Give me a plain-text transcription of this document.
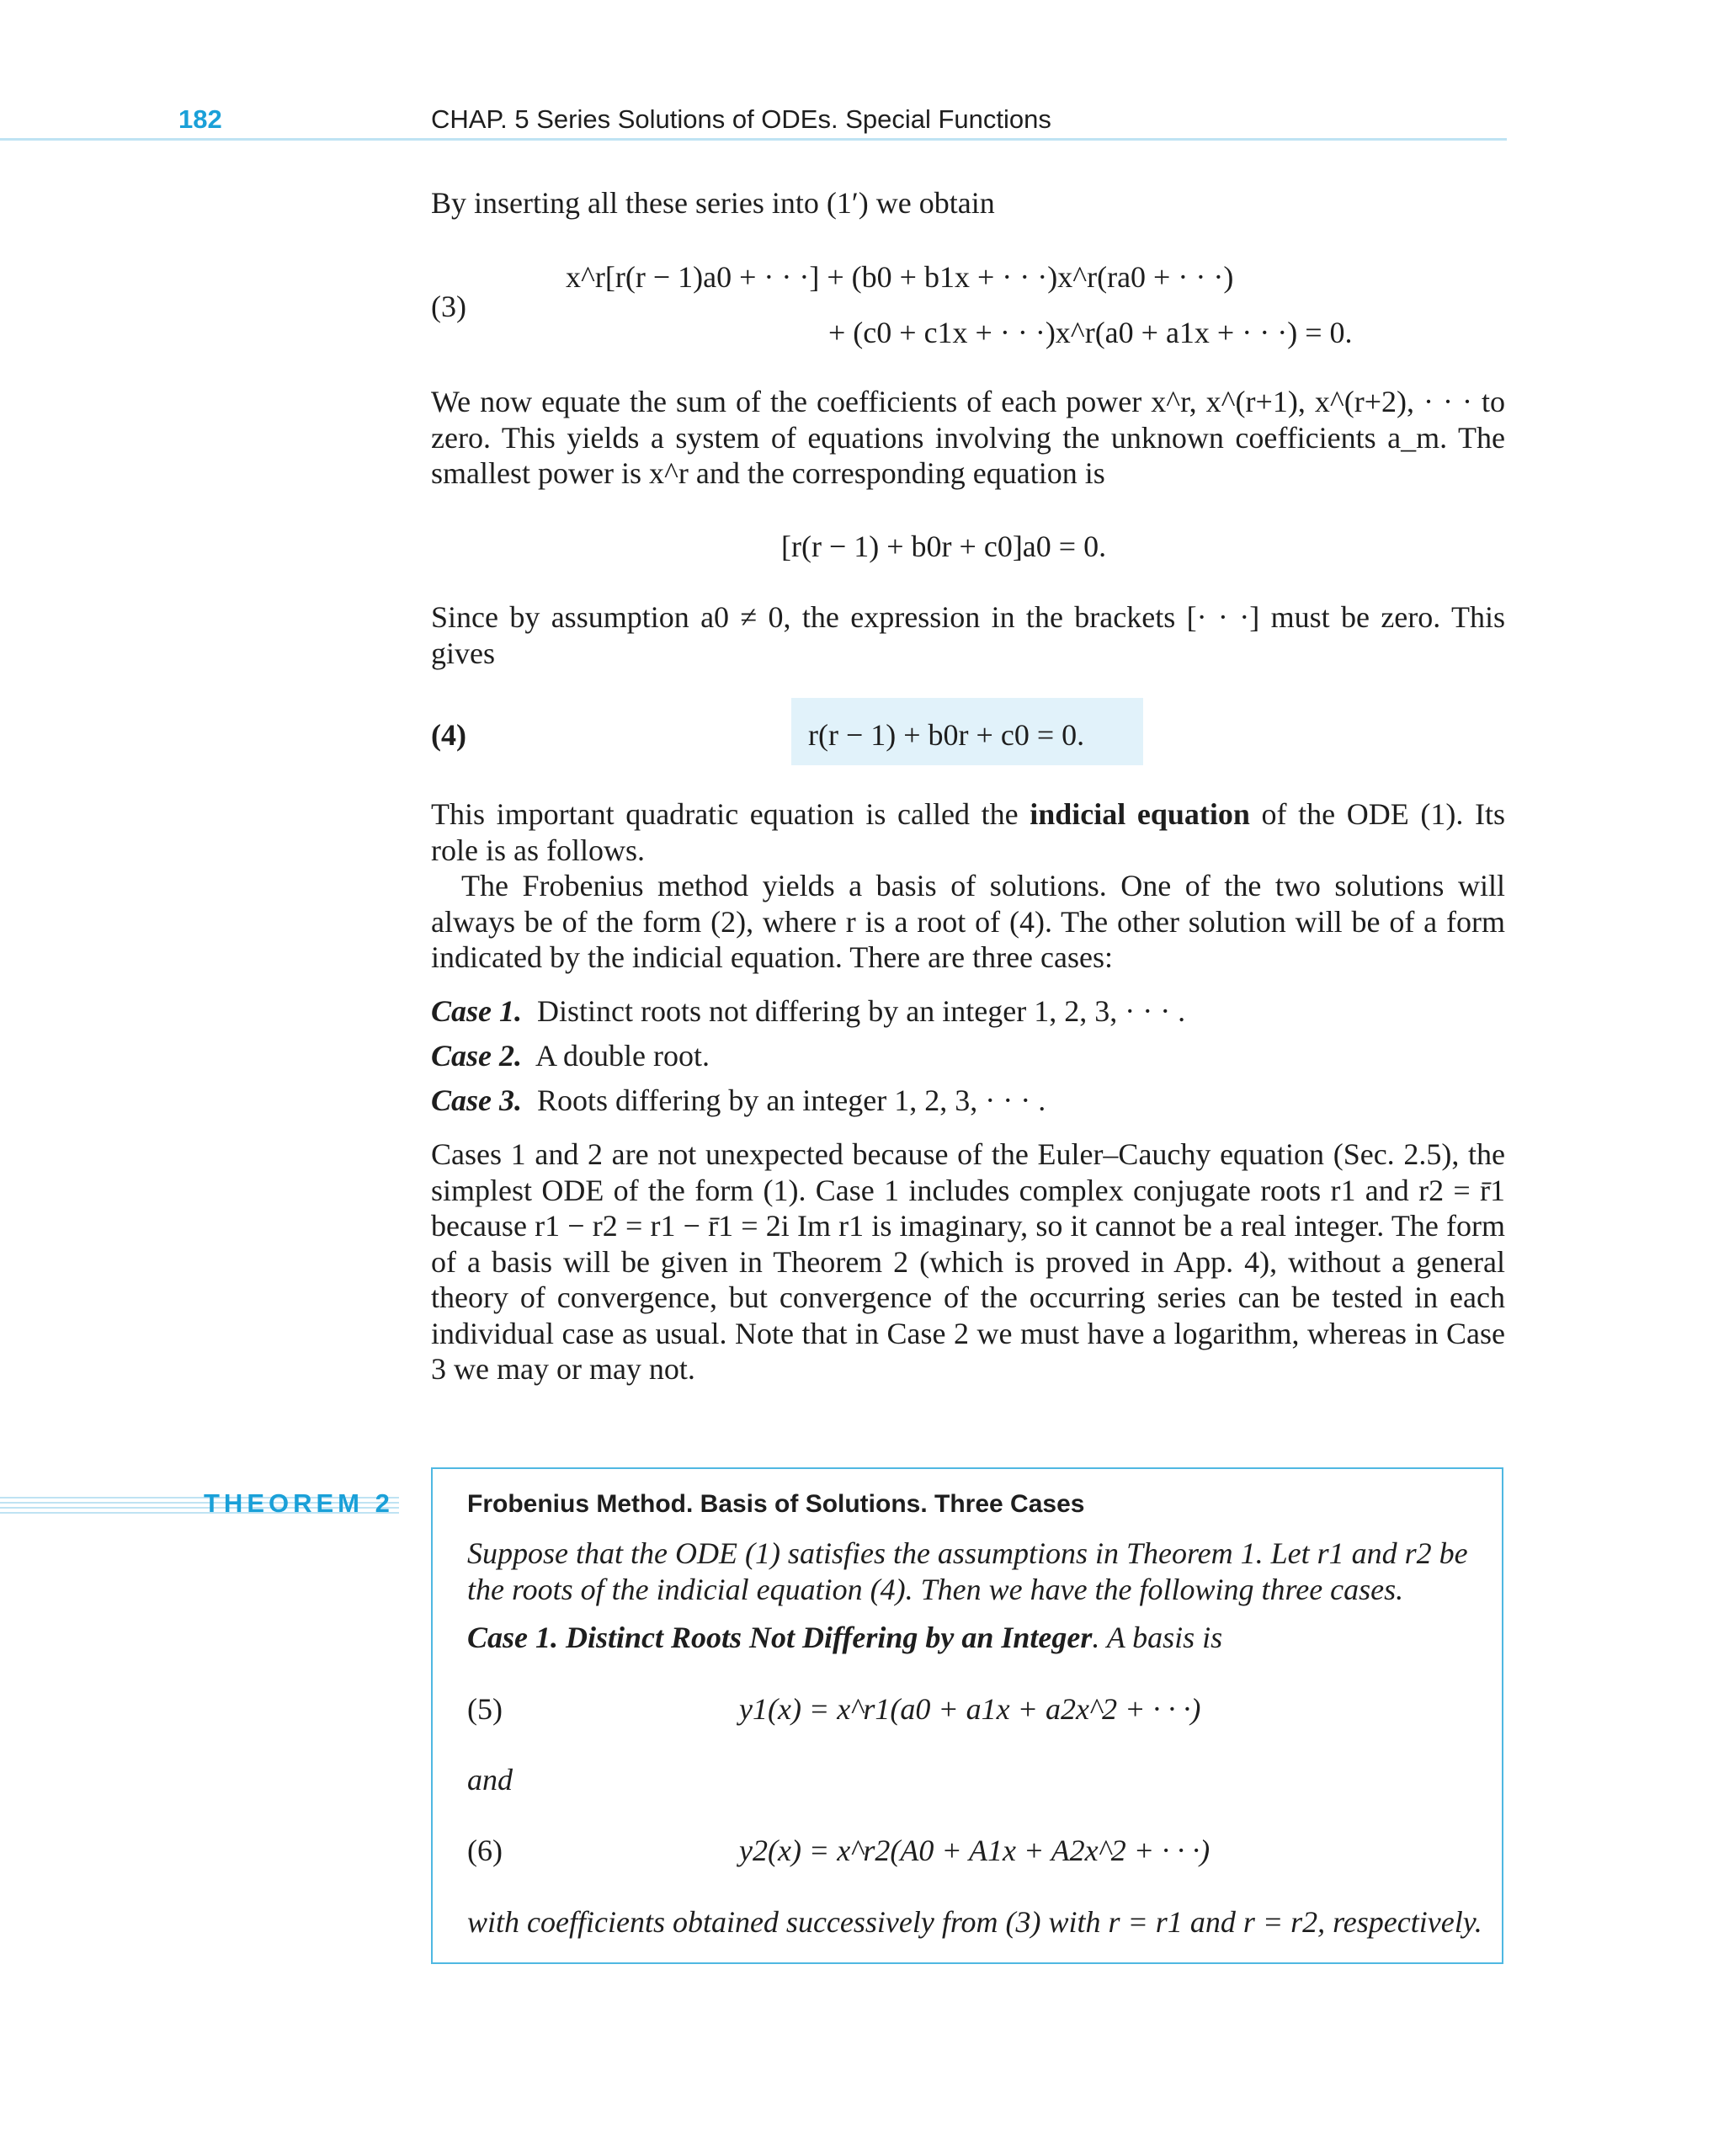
182	CHAP. 5 Series Solutions of ODEs. Special Functions
By inserting all these series into (1′) we obtain
(3)
x^r[r(r − 1)a0 + · · ·] + (b0 + b1x + · · ·)x^r(ra0 + · · ·)
+ (c0 + c1x + · · ·)x^r(a0 + a1x + · · ·) = 0.
We now equate the sum of the coefficients of each power x^r, x^(r+1), x^(r+2), · · · to zero. This yields a system of equations involving the unknown coefficients a_m. The smallest power is x^r and the corresponding equation is
[r(r − 1) + b0r + c0]a0 = 0.
Since by assumption a0 ≠ 0, the expression in the brackets [· · ·] must be zero. This gives
(4)	r(r − 1) + b0r + c0 = 0.
This important quadratic equation is called the indicial equation of the ODE (1). Its role is as follows.
The Frobenius method yields a basis of solutions. One of the two solutions will always be of the form (2), where r is a root of (4). The other solution will be of a form indicated by the indicial equation. There are three cases:
Case 1. Distinct roots not differing by an integer 1, 2, 3, · · · .
Case 2. A double root.
Case 3. Roots differing by an integer 1, 2, 3, · · · .
Cases 1 and 2 are not unexpected because of the Euler–Cauchy equation (Sec. 2.5), the simplest ODE of the form (1). Case 1 includes complex conjugate roots r1 and r2 = r̄1 because r1 − r2 = r1 − r̄1 = 2i Im r1 is imaginary, so it cannot be a real integer. The form of a basis will be given in Theorem 2 (which is proved in App. 4), without a general theory of convergence, but convergence of the occurring series can be tested in each individual case as usual. Note that in Case 2 we must have a logarithm, whereas in Case 3 we may or may not.
THEOREM 2	Frobenius Method. Basis of Solutions. Three Cases
Suppose that the ODE (1) satisfies the assumptions in Theorem 1. Let r1 and r2 be the roots of the indicial equation (4). Then we have the following three cases.
Case 1. Distinct Roots Not Differing by an Integer. A basis is
(5)	y1(x) = x^r1(a0 + a1x + a2x^2 + · · ·)
and
(6)	y2(x) = x^r2(A0 + A1x + A2x^2 + · · ·)
with coefficients obtained successively from (3) with r = r1 and r = r2, respectively.
